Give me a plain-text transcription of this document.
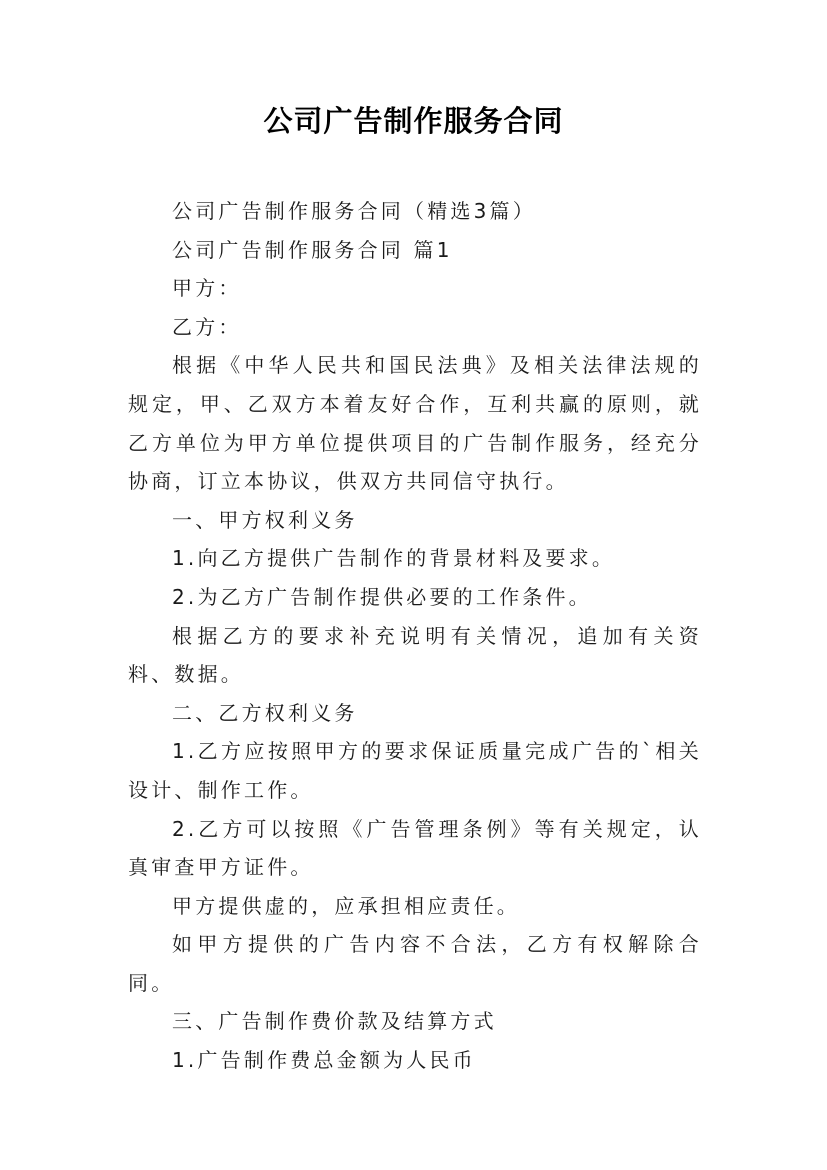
公司广告制作服务合同

公司广告制作服务合同（精选3篇）

公司广告制作服务合同 篇1

甲方：

乙方：

根据《中华人民共和国民法典》及相关法律法规的规定，甲、乙双方本着友好合作，互利共赢的原则，就乙方单位为甲方单位提供项目的广告制作服务，经充分协商，订立本协议，供双方共同信守执行。

一、甲方权利义务

1.向乙方提供广告制作的背景材料及要求。

2.为乙方广告制作提供必要的工作条件。

根据乙方的要求补充说明有关情况，追加有关资料、数据。

二、乙方权利义务

1.乙方应按照甲方的要求保证质量完成广告的`相关设计、制作工作。

2.乙方可以按照《广告管理条例》等有关规定，认真审查甲方证件。

甲方提供虚的，应承担相应责任。

如甲方提供的广告内容不合法，乙方有权解除合同。

三、广告制作费价款及结算方式

1.广告制作费总金额为人民币
